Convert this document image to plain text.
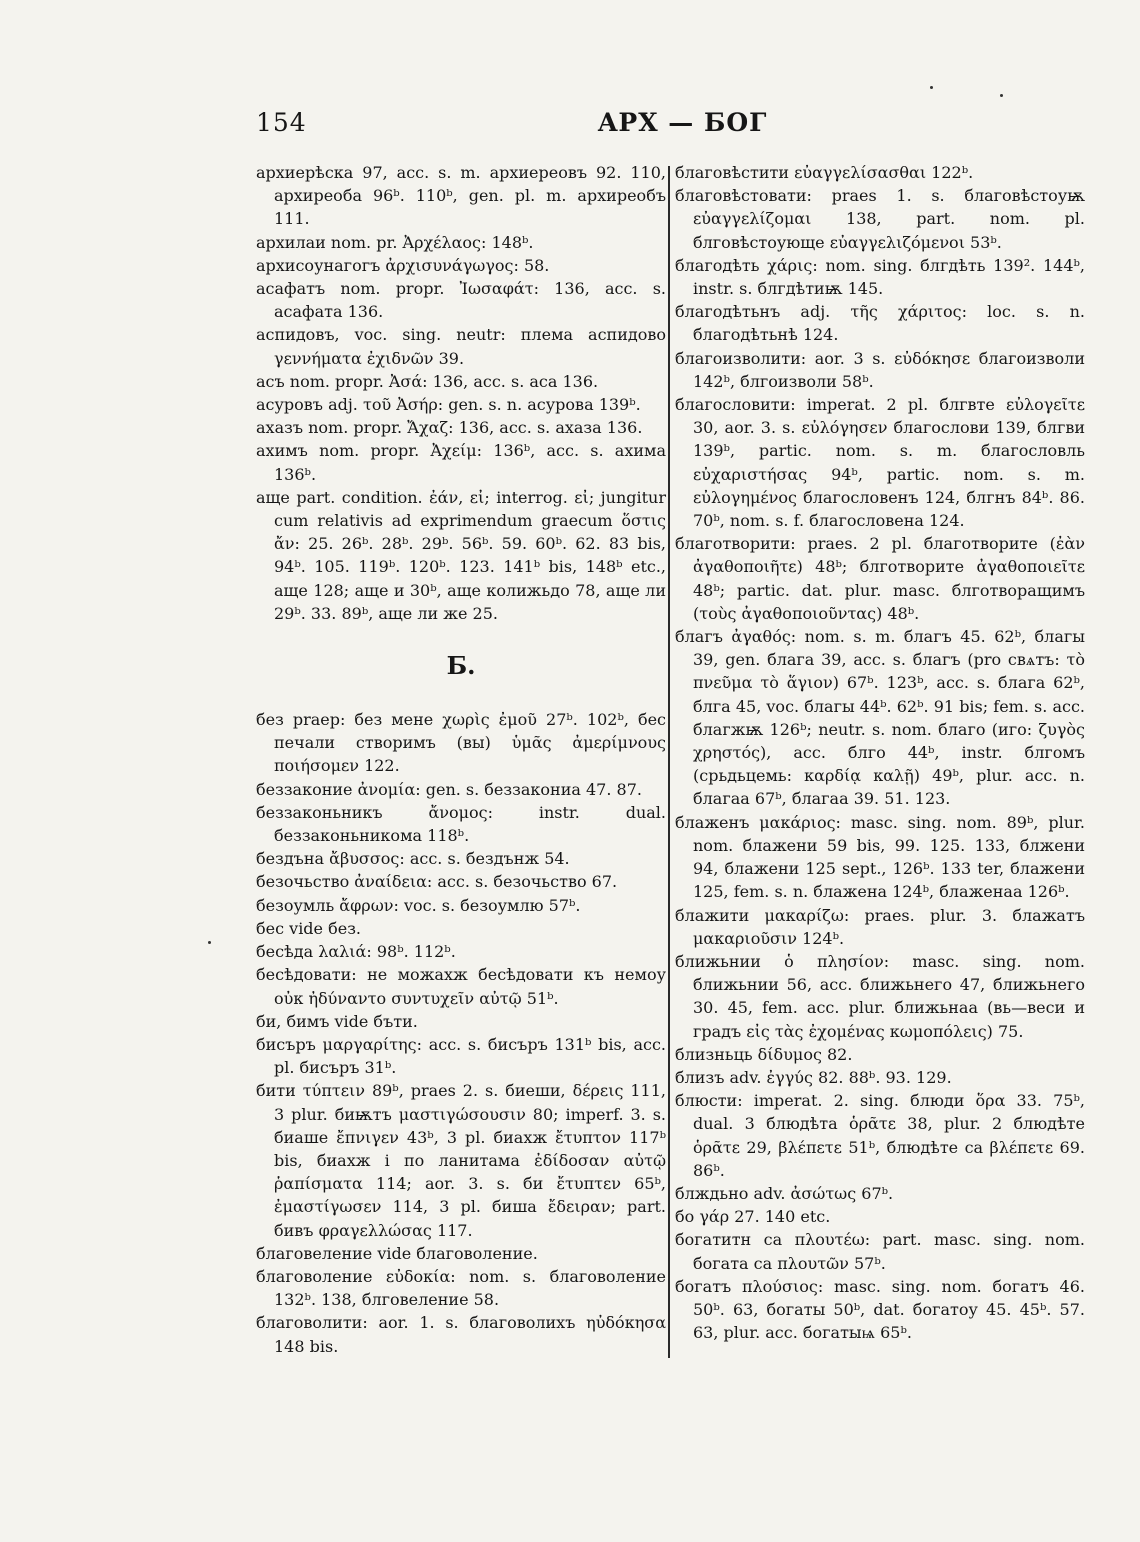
154	ΑΡΧ — БОГ

архиерѣскa 97, acc. s. m. архиереовъ 92. 110, архиреоба 96ᵇ. 110ᵇ, gen. pl. m. архиреобъ 111.

архилаи nom. pr. Ἀρχέλαος: 148ᵇ.

архисоунагогъ ἀρχισυνάγωγος: 58.

асафатъ nom. propr. Ἰωσαφάτ: 136, acc. s. асафата 136.

аспидовъ, voc. sing. neutr: плема аспидово γεννήματα ἐχιδνῶν 39.

асъ nom. propr. Ἀσά: 136, acc. s. аса 136.

асуровъ adj. τοῦ Ἀσήρ: gen. s. n. асурова 139ᵇ.

ахазъ nom. propr. Ἄχαζ: 136, acc. s. ахаза 136.

ахимъ nom. propr. Ἀχείμ: 136ᵇ, acc. s. ахима 136ᵇ.

аще part. condition. ἐάν, εἰ; interrog. εἰ; jungitur cum relativis ad exprimendum graecum ὅστις ἄν: 25. 26ᵇ. 28ᵇ. 29ᵇ. 56ᵇ. 59. 60ᵇ. 62. 83 bis, 94ᵇ. 105. 119ᵇ. 120ᵇ. 123. 141ᵇ bis, 148ᵇ etc., аще 128; аще и 30ᵇ, аще колижьдо 78, аще ли 29ᵇ. 33. 89ᵇ, аще ли же 25.

Б.

без praep: без мене χωρὶς ἐμοῦ 27ᵇ. 102ᵇ, бес печали створимъ (вы) ὑμᾶς ἀμερίμνους ποιήσομεν 122.

беззаконие ἀνομία: gen. s. беззакониа 47. 87.

беззаконьникъ ἄνομος: instr. dual. беззаконьникома 118ᵇ.

бездъна ἄβυσσος: acc. s. бездънж 54.

безочьство ἀναίδεια: acc. s. безочьство 67.

безоумль ἄφρων: voc. s. безоумлю 57ᵇ.

бес vide без.

бесѣда λαλιά: 98ᵇ. 112ᵇ.

бесѣдовати: не можахж бесѣдовати къ немоу οὐκ ἠδύναντο συντυχεῖν αὐτῷ 51ᵇ.

би, бимъ vide бъти.

бисъръ μαργαρίτης: acc. s. бисъръ 131ᵇ bis, acc. pl. бисъръ 31ᵇ.

бити τύπτειν 89ᵇ, praes 2. s. биеши, δέρεις 111, 3 plur. биѭтъ μαστιγώσουσιν 80; imperf. 3. s. биаше ἔπνιγεν 43ᵇ, 3 pl. биахж ἔτυπτον 117ᵇ bis, биахж і по ланитама ἐδίδοσαν αὐτῷ ῥαπίσματα 114; aor. 3. s. би ἔτυπτεν 65ᵇ, ἐμαστίγωσεν 114, 3 pl. биша ἔδειραν; part. бивъ φραγελλώσας 117.

благовеление vide благоволение.

благоволение εὐδοκία: nom. s. благоволение 132ᵇ. 138, блговеление 58.

благоволити: aor. 1. s. благоволихъ ηὐδόκησα 148 bis.

благовѣстити εὐαγγελίσασθαι 122ᵇ.

благовѣстовати: praes 1. s. благовѣстоуѭ εὐαγγελίζομαι 138, part. nom. pl. блговѣстоующе εὐαγγελιζόμενοι 53ᵇ.

благодѣть χάρις: nom. sing. блгдѣть 139². 144ᵇ, instr. s. блгдѣтиѭ 145.

благодѣтьнъ adj. τῆς χάριτος: loc. s. n. благодѣтьнѣ 124.

благоизволити: aor. 3 s. εὐδόκησε благоизволи 142ᵇ, блгоизволи 58ᵇ.

благословити: imperat. 2 pl. блгвте εὐλογεῖτε 30, aor. 3. s. εὐλόγησεν благослови 139, блгви 139ᵇ, partic. nom. s. m. благословль εὐχαριστήσας 94ᵇ, partic. nom. s. m. εὐλογημένος благословенъ 124, блгнъ 84ᵇ. 86. 70ᵇ, nom. s. f. благословена 124.

благотворити: praes. 2 pl. благотворите (ἐὰν ἀγαθοποιῆτε) 48ᵇ; блготворите ἀγαθοποιεῖτε 48ᵇ; partic. dat. plur. masc. блготворащимъ (τοὺς ἀγαθοποιοῦντας) 48ᵇ.

благъ ἀγαθός: nom. s. m. благъ 45. 62ᵇ, благы 39, gen. блага 39, acc. s. благъ (pro свѧтъ: τὸ πνεῦμα τὸ ἅγιον) 67ᵇ. 123ᵇ, acc. s. блага 62ᵇ, блга 45, voc. благы 44ᵇ. 62ᵇ. 91 bis; fem. s. acc. благжѭ 126ᵇ; neutr. s. nom. благо (иго: ζυγὸς χρηστός), acc. блго 44ᵇ, instr. блгомъ (срьдьцемь: καρδίᾳ καλῇ) 49ᵇ, plur. acc. n. благаа 67ᵇ, благаа 39. 51. 123.

блаженъ μακάριος: masc. sing. nom. 89ᵇ, plur. nom. блажени 59 bis, 99. 125. 133, блжени 94, блажени 125 sept., 126ᵇ. 133 ter, блажени 125, fem. s. n. блажена 124ᵇ, блаженаа 126ᵇ.

блажити μακαρίζω: praes. plur. 3. блажатъ μακαριοῦσιν 124ᵇ.

ближьнии ὁ πλησίον: masc. sing. nom. ближьнии 56, acc. ближьнего 47, ближьнего 30. 45, fem. acc. plur. ближьнаа (вь—веси и градъ εἰς τὰς ἐχομένας κωμοπόλεις) 75.

близньць δίδυμος 82.

близъ adv. ἐγγύς 82. 88ᵇ. 93. 129.

блюсти: imperat. 2. sing. блюди ὅρα 33. 75ᵇ, dual. 3 блюдѣта ὁρᾶτε 38, plur. 2 блюдѣте ὁρᾶτε 29, βλέπετε 51ᵇ, блюдѣте са βλέπετε 69. 86ᵇ.

блждьно adv. ἀσώτως 67ᵇ.

бо γάρ 27. 140 etc.

богатитн са πλουτέω: part. masc. sing. nom. богата са πλουτῶν 57ᵇ.

богатъ πλούσιος: masc. sing. nom. богатъ 46. 50ᵇ. 63, богаты 50ᵇ, dat. богатоу 45. 45ᵇ. 57. 63, plur. acc. богатыѩ 65ᵇ.
